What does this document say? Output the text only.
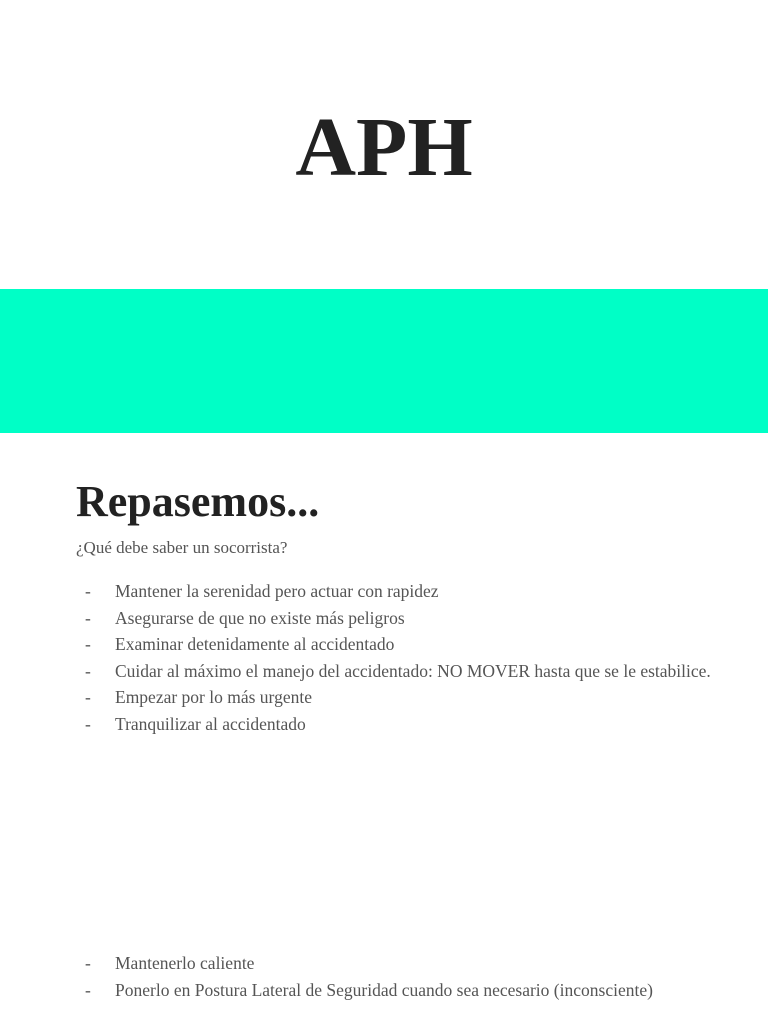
APH
Repasemos...

¿Qué debe saber un socorrista?

- Mantener la serenidad pero actuar con rapidez
- Asegurarse de que no existe más peligros
- Examinar detenidamente al accidentado
- Cuidar al máximo el manejo del accidentado: NO MOVER hasta que se le estabilice.
- Empezar por lo más urgente
- Tranquilizar al accidentado
- Mantenerlo caliente
- Ponerlo en Postura Lateral de Seguridad cuando sea necesario (inconsciente)
